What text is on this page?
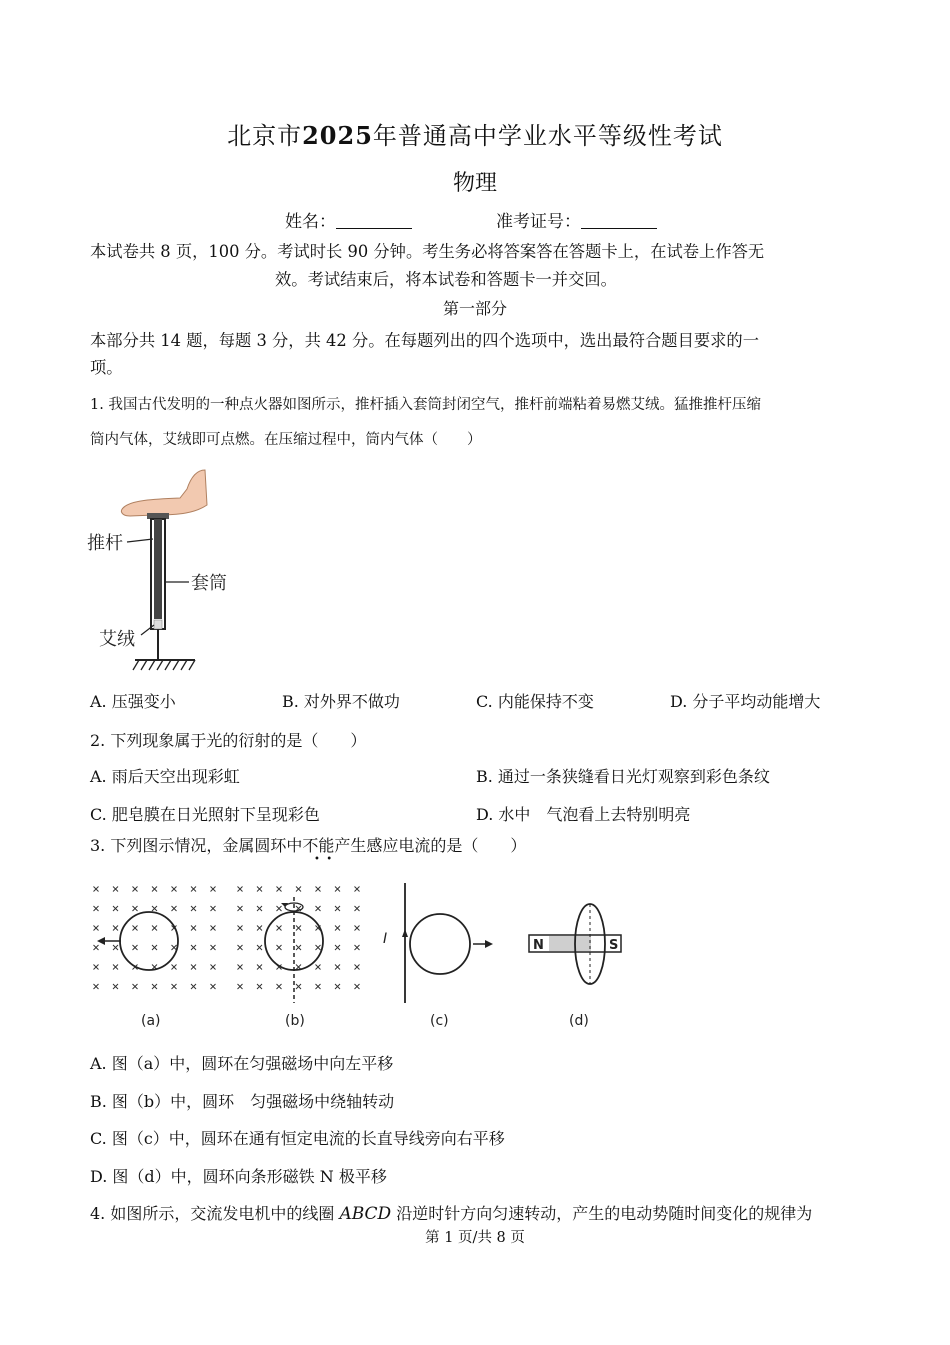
北京市2025年普通高中学业水平等级性考试
物理
姓名：	准考证号：
本试卷共 8 页，100 分。考试时长 90 分钟。考生务必将答案答在答题卡上，在试卷上作答无
效。考试结束后，将本试卷和答题卡一并交回。
第一部分
本部分共 14 题，每题 3 分，共 42 分。在每题列出的四个选项中，选出最符合题目要求的一
项。
1. 我国古代发明的一种点火器如图所示，推杆插入套筒封闭空气，推杆前端粘着易燃艾绒。猛推推杆压缩
筒内气体，艾绒即可点燃。在压缩过程中，筒内气体（　　）
推杆
套筒
艾绒
A. 压强变小	B. 对外界不做功	C. 内能保持不变	D. 分子平均动能增大
2. 下列现象属于光的衍射的是（　　）
A. 雨后天空出现彩虹	B. 通过一条狭缝看日光灯观察到彩色条纹
C. 肥皂膜在日光照射下呈现彩色	D. 水中　气泡看上去特别明亮
3. 下列图示情况，金属圆环中不能产生感应电流的是（　　）
•  •
(a)	(b)
I
(c)
N	S
(d)
A. 图（a）中，圆环在匀强磁场中向左平移
B. 图（b）中，圆环　匀强磁场中绕轴转动
C. 图（c）中，圆环在通有恒定电流的长直导线旁向右平移
D. 图（d）中，圆环向条形磁铁 N 极平移
4. 如图所示，交流发电机中的线圈 ABCD 沿逆时针方向匀速转动，产生的电动势随时间变化的规律为
第 1 页/共 8 页
